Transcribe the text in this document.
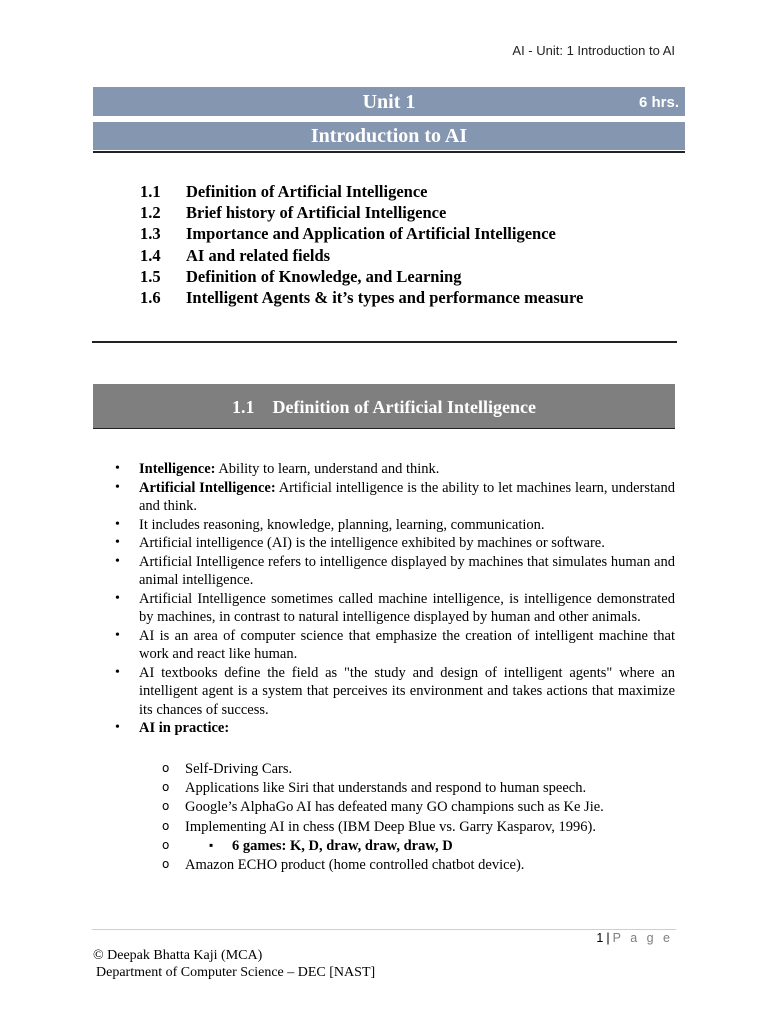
AI - Unit: 1 Introduction to AI
Unit 1	6 hrs.
Introduction to AI
1.1	Definition of Artificial Intelligence
1.2	Brief history of Artificial Intelligence
1.3	Importance and Application of Artificial Intelligence
1.4	AI and related fields
1.5	Definition of Knowledge, and Learning
1.6	Intelligent Agents & it’s types and performance measure
1.1 Definition of Artificial Intelligence
• Intelligence: Ability to learn, understand and think.
• Artificial Intelligence: Artificial intelligence is the ability to let machines learn, understand and think.
• It includes reasoning, knowledge, planning, learning, communication.
• Artificial intelligence (AI) is the intelligence exhibited by machines or software.
• Artificial Intelligence refers to intelligence displayed by machines that simulates human and animal intelligence.
• Artificial Intelligence sometimes called machine intelligence, is intelligence demonstrated by machines, in contrast to natural intelligence displayed by human and other animals.
• AI is an area of computer science that emphasize the creation of intelligent machine that work and react like human.
• AI textbooks define the field as "the study and design of intelligent agents" where an intelligent agent is a system that perceives its environment and takes actions that maximize its chances of success.
• AI in practice:
o Self-Driving Cars.
o Applications like Siri that understands and respond to human speech.
o Google’s AlphaGo AI has defeated many GO champions such as Ke Jie.
o Implementing AI in chess (IBM Deep Blue vs. Garry Kasparov, 1996).
▪ o 6 games: K, D, draw, draw, draw, D
o Amazon ECHO product (home controlled chatbot device).
1 | P a g e
© Deepak Bhatta Kaji (MCA)
Department of Computer Science – DEC [NAST]
